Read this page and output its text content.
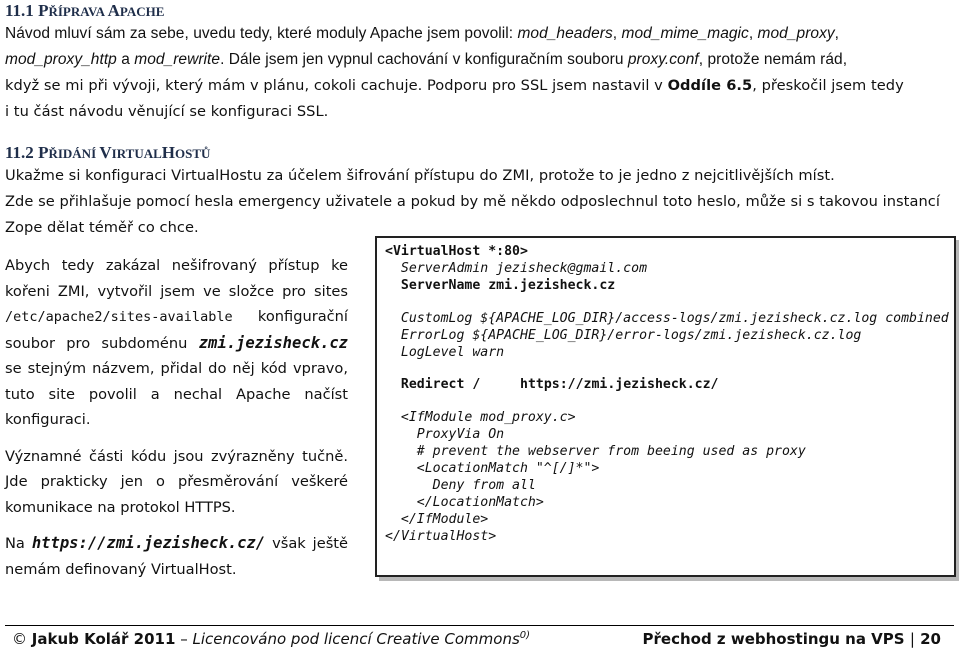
11.1 PŘÍPRAVA APACHE
Návod mluví sám za sebe, uvedu tedy, které moduly Apache jsem povolil: mod_headers, mod_mime_magic, mod_proxy,
mod_proxy_http a mod_rewrite. Dále jsem jen vypnul cachování v konfiguračním souboru proxy.conf, protože nemám rád,
když se mi při vývoji, který mám v plánu, cokoli cachuje. Podporu pro SSL jsem nastavil v Oddíle 6.5, přeskočil jsem tedy
i tu část návodu věnující se konfiguraci SSL.
11.2 PŘIDÁNÍ VIRTUALHOSTŮ
Ukažme si konfiguraci VirtualHostu za účelem šifrování přístupu do ZMI, protože to je jedno z nejcitlivějších míst.
Zde se přihlašuje pomocí hesla emergency uživatele a pokud by mě někdo odposlechnul toto heslo, může si s takovou instancí
Zope dělat téměř co chce.

Abych tedy zakázal nešifrovaný přístup ke kořeni ZMI, vytvořil jsem ve složce pro sites /etc/apache2/sites-available konfigurační soubor pro subdoménu zmi.jezisheck.cz se stejným názvem, přidal do něj kód vpravo, tuto site povolil a nechal Apache načíst konfiguraci.

Významné části kódu jsou zvýrazněny tučně. Jde prakticky jen o přesměrování veškeré komunikace na protokol HTTPS.

Na https://zmi.jezisheck.cz/ však ještě nemám definovaný VirtualHost.

<VirtualHost *:80>
ServerAdmin jezisheck@gmail.com
ServerName zmi.jezisheck.cz
CustomLog ${APACHE_LOG_DIR}/access-logs/zmi.jezisheck.cz.log combined
ErrorLog ${APACHE_LOG_DIR}/error-logs/zmi.jezisheck.cz.log
LogLevel warn
Redirect /	https://zmi.jezisheck.cz/
<IfModule mod_proxy.c>
ProxyVia On
# prevent the webserver from beeing used as proxy
<LocationMatch "^[/]*">
Deny from all
</LocationMatch>
</IfModule>
</VirtualHost>
© Jakub Kolář 2011 – Licencováno pod licencí Creative Commons$^{0)}$	Přechod z webhostingu na VPS | 20
